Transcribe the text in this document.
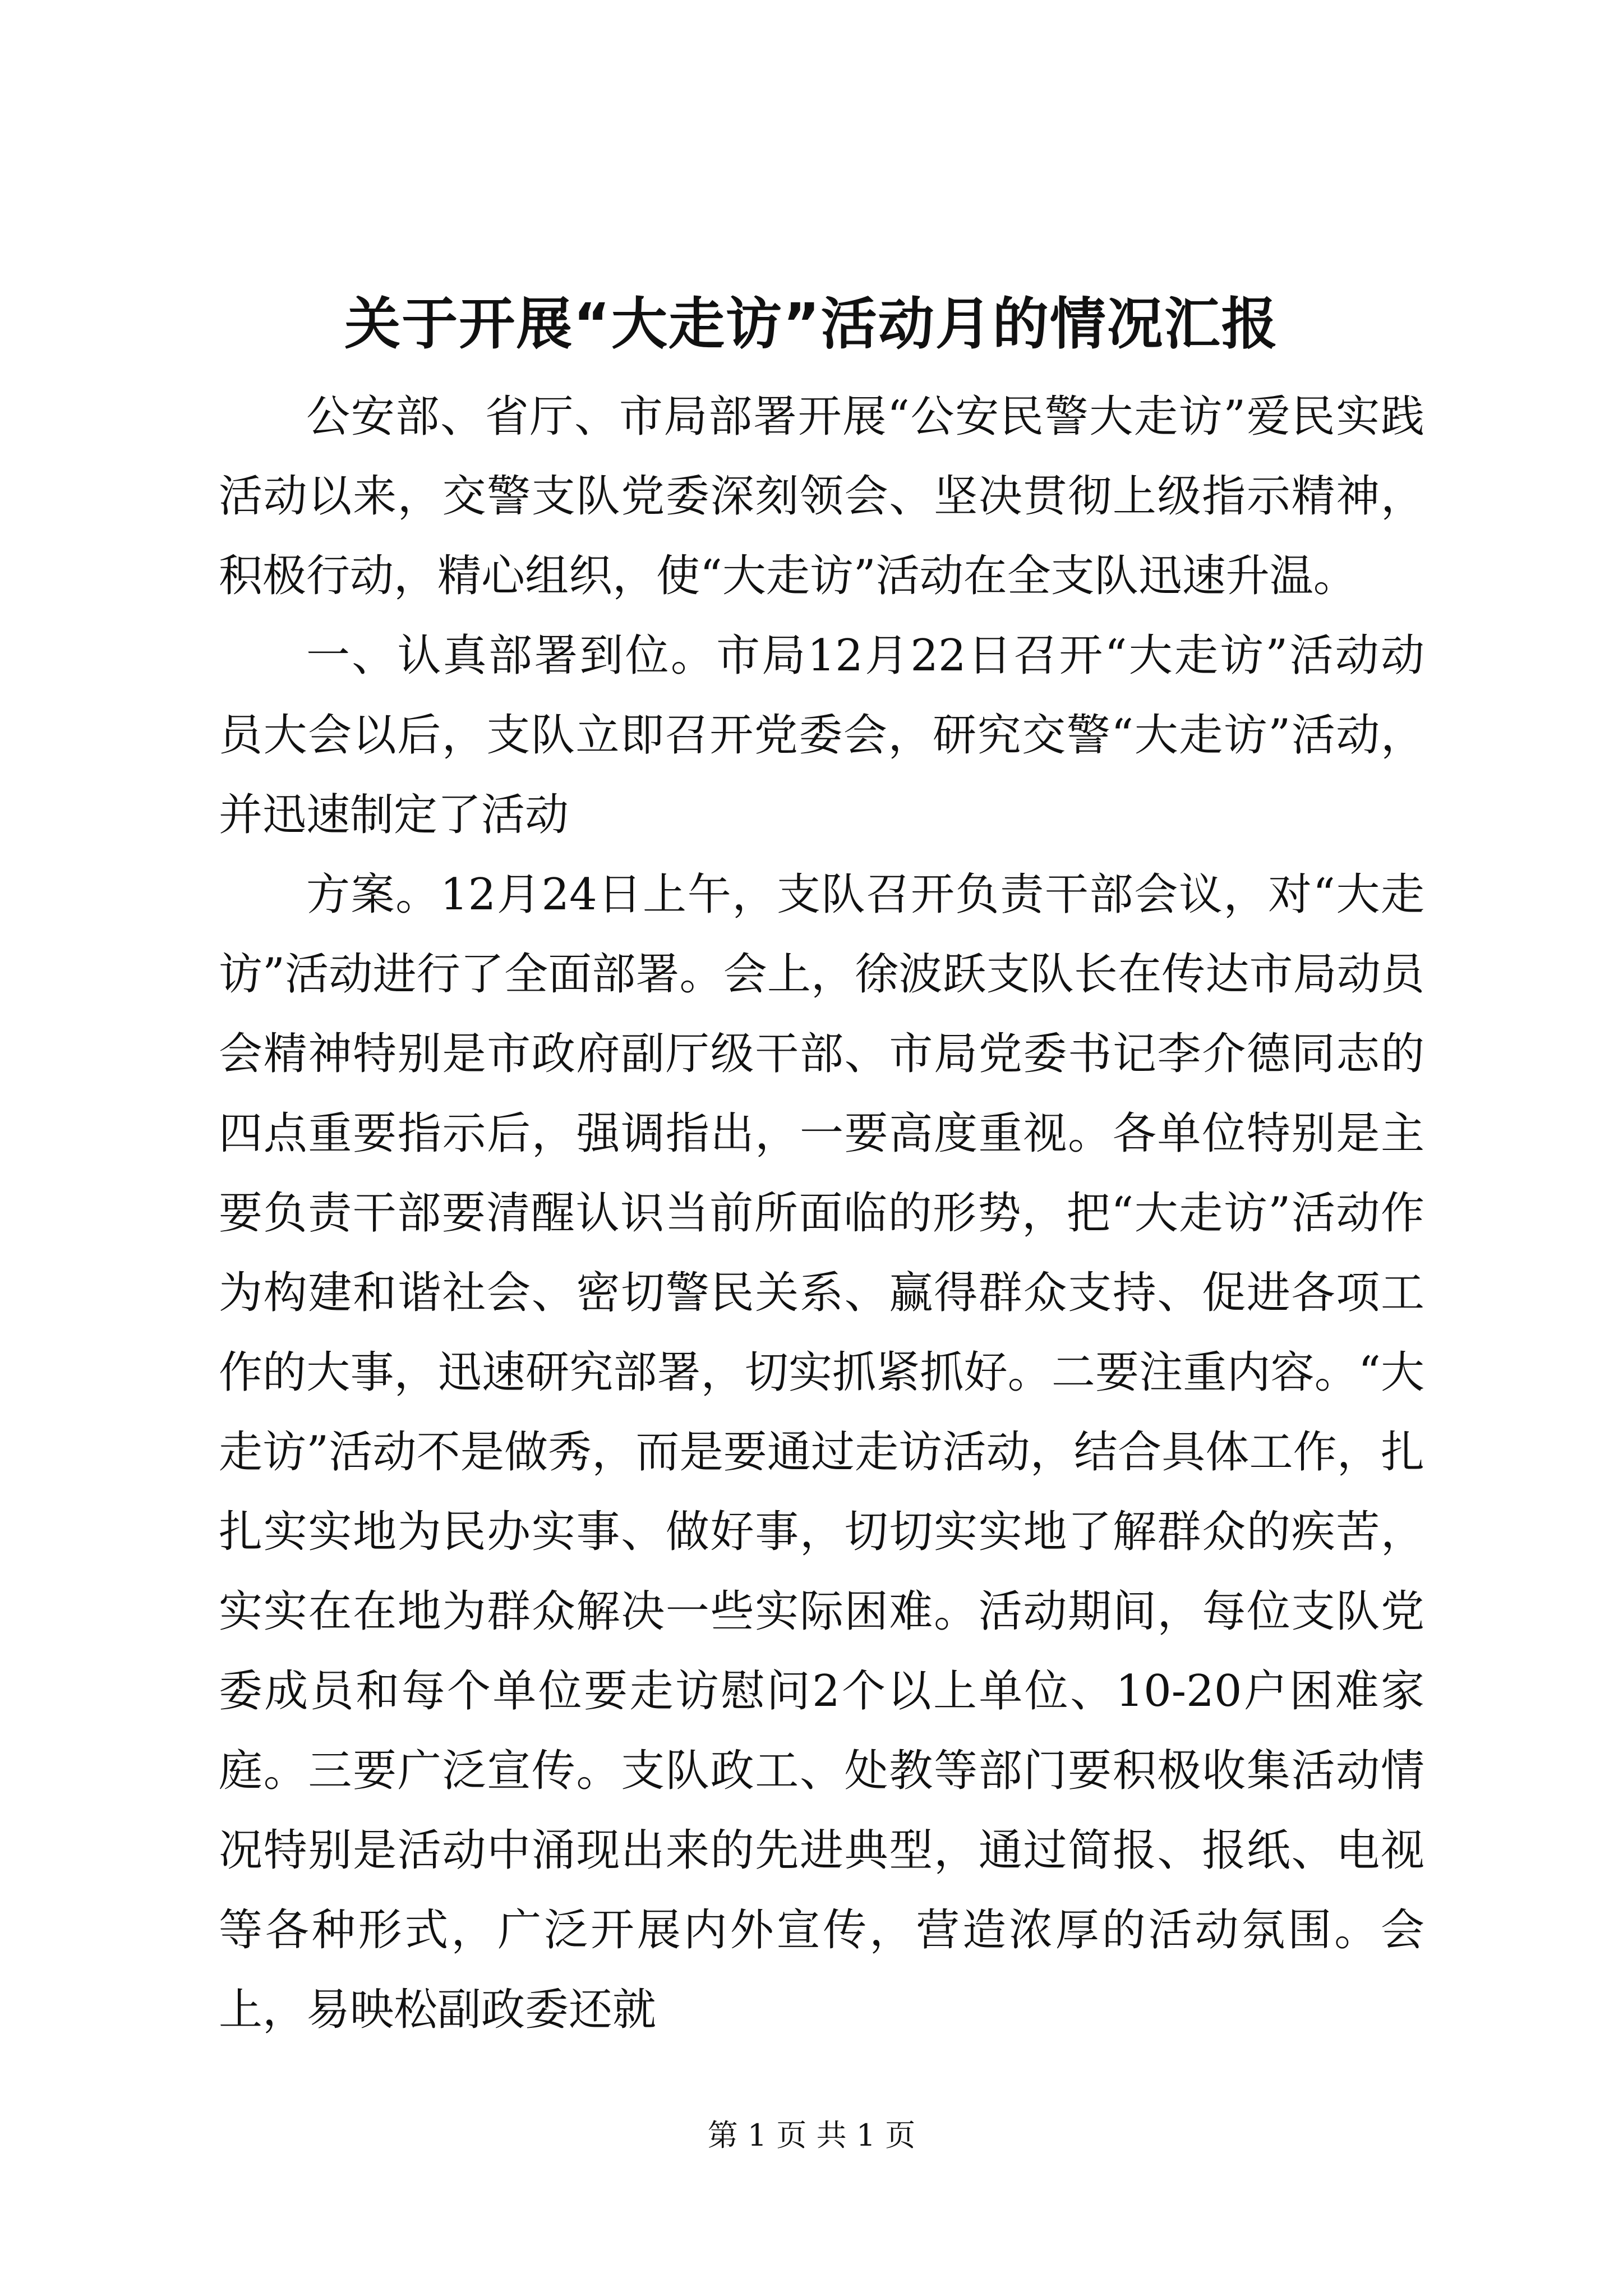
关于开展“大走访”活动月的情况汇报

公安部、省厅、市局部署开展“公安民警大走访”爱民实践活动以来，交警支队党委深刻领会、坚决贯彻上级指示精神，积极行动，精心组织，使“大走访”活动在全支队迅速升温。

一、认真部署到位。市局12月22日召开“大走访”活动动员大会以后，支队立即召开党委会，研究交警“大走访”活动，并迅速制定了活动

方案。12月24日上午，支队召开负责干部会议，对“大走访”活动进行了全面部署。会上，徐波跃支队长在传达市局动员会精神特别是市政府副厅级干部、市局党委书记李介德同志的四点重要指示后，强调指出，一要高度重视。各单位特别是主要负责干部要清醒认识当前所面临的形势，把“大走访”活动作为构建和谐社会、密切警民关系、赢得群众支持、促进各项工作的大事，迅速研究部署，切实抓紧抓好。二要注重内容。“大走访”活动不是做秀，而是要通过走访活动，结合具体工作，扎扎实实地为民办实事、做好事，切切实实地了解群众的疾苦，实实在在地为群众解决一些实际困难。活动期间，每位支队党委成员和每个单位要走访慰问2个以上单位、10-20户困难家庭。三要广泛宣传。支队政工、处教等部门要积极收集活动情况特别是活动中涌现出来的先进典型，通过简报、报纸、电视等各种形式，广泛开展内外宣传，营造浓厚的活动氛围。会上，易映松副政委还就

第 1 页 共 1 页
